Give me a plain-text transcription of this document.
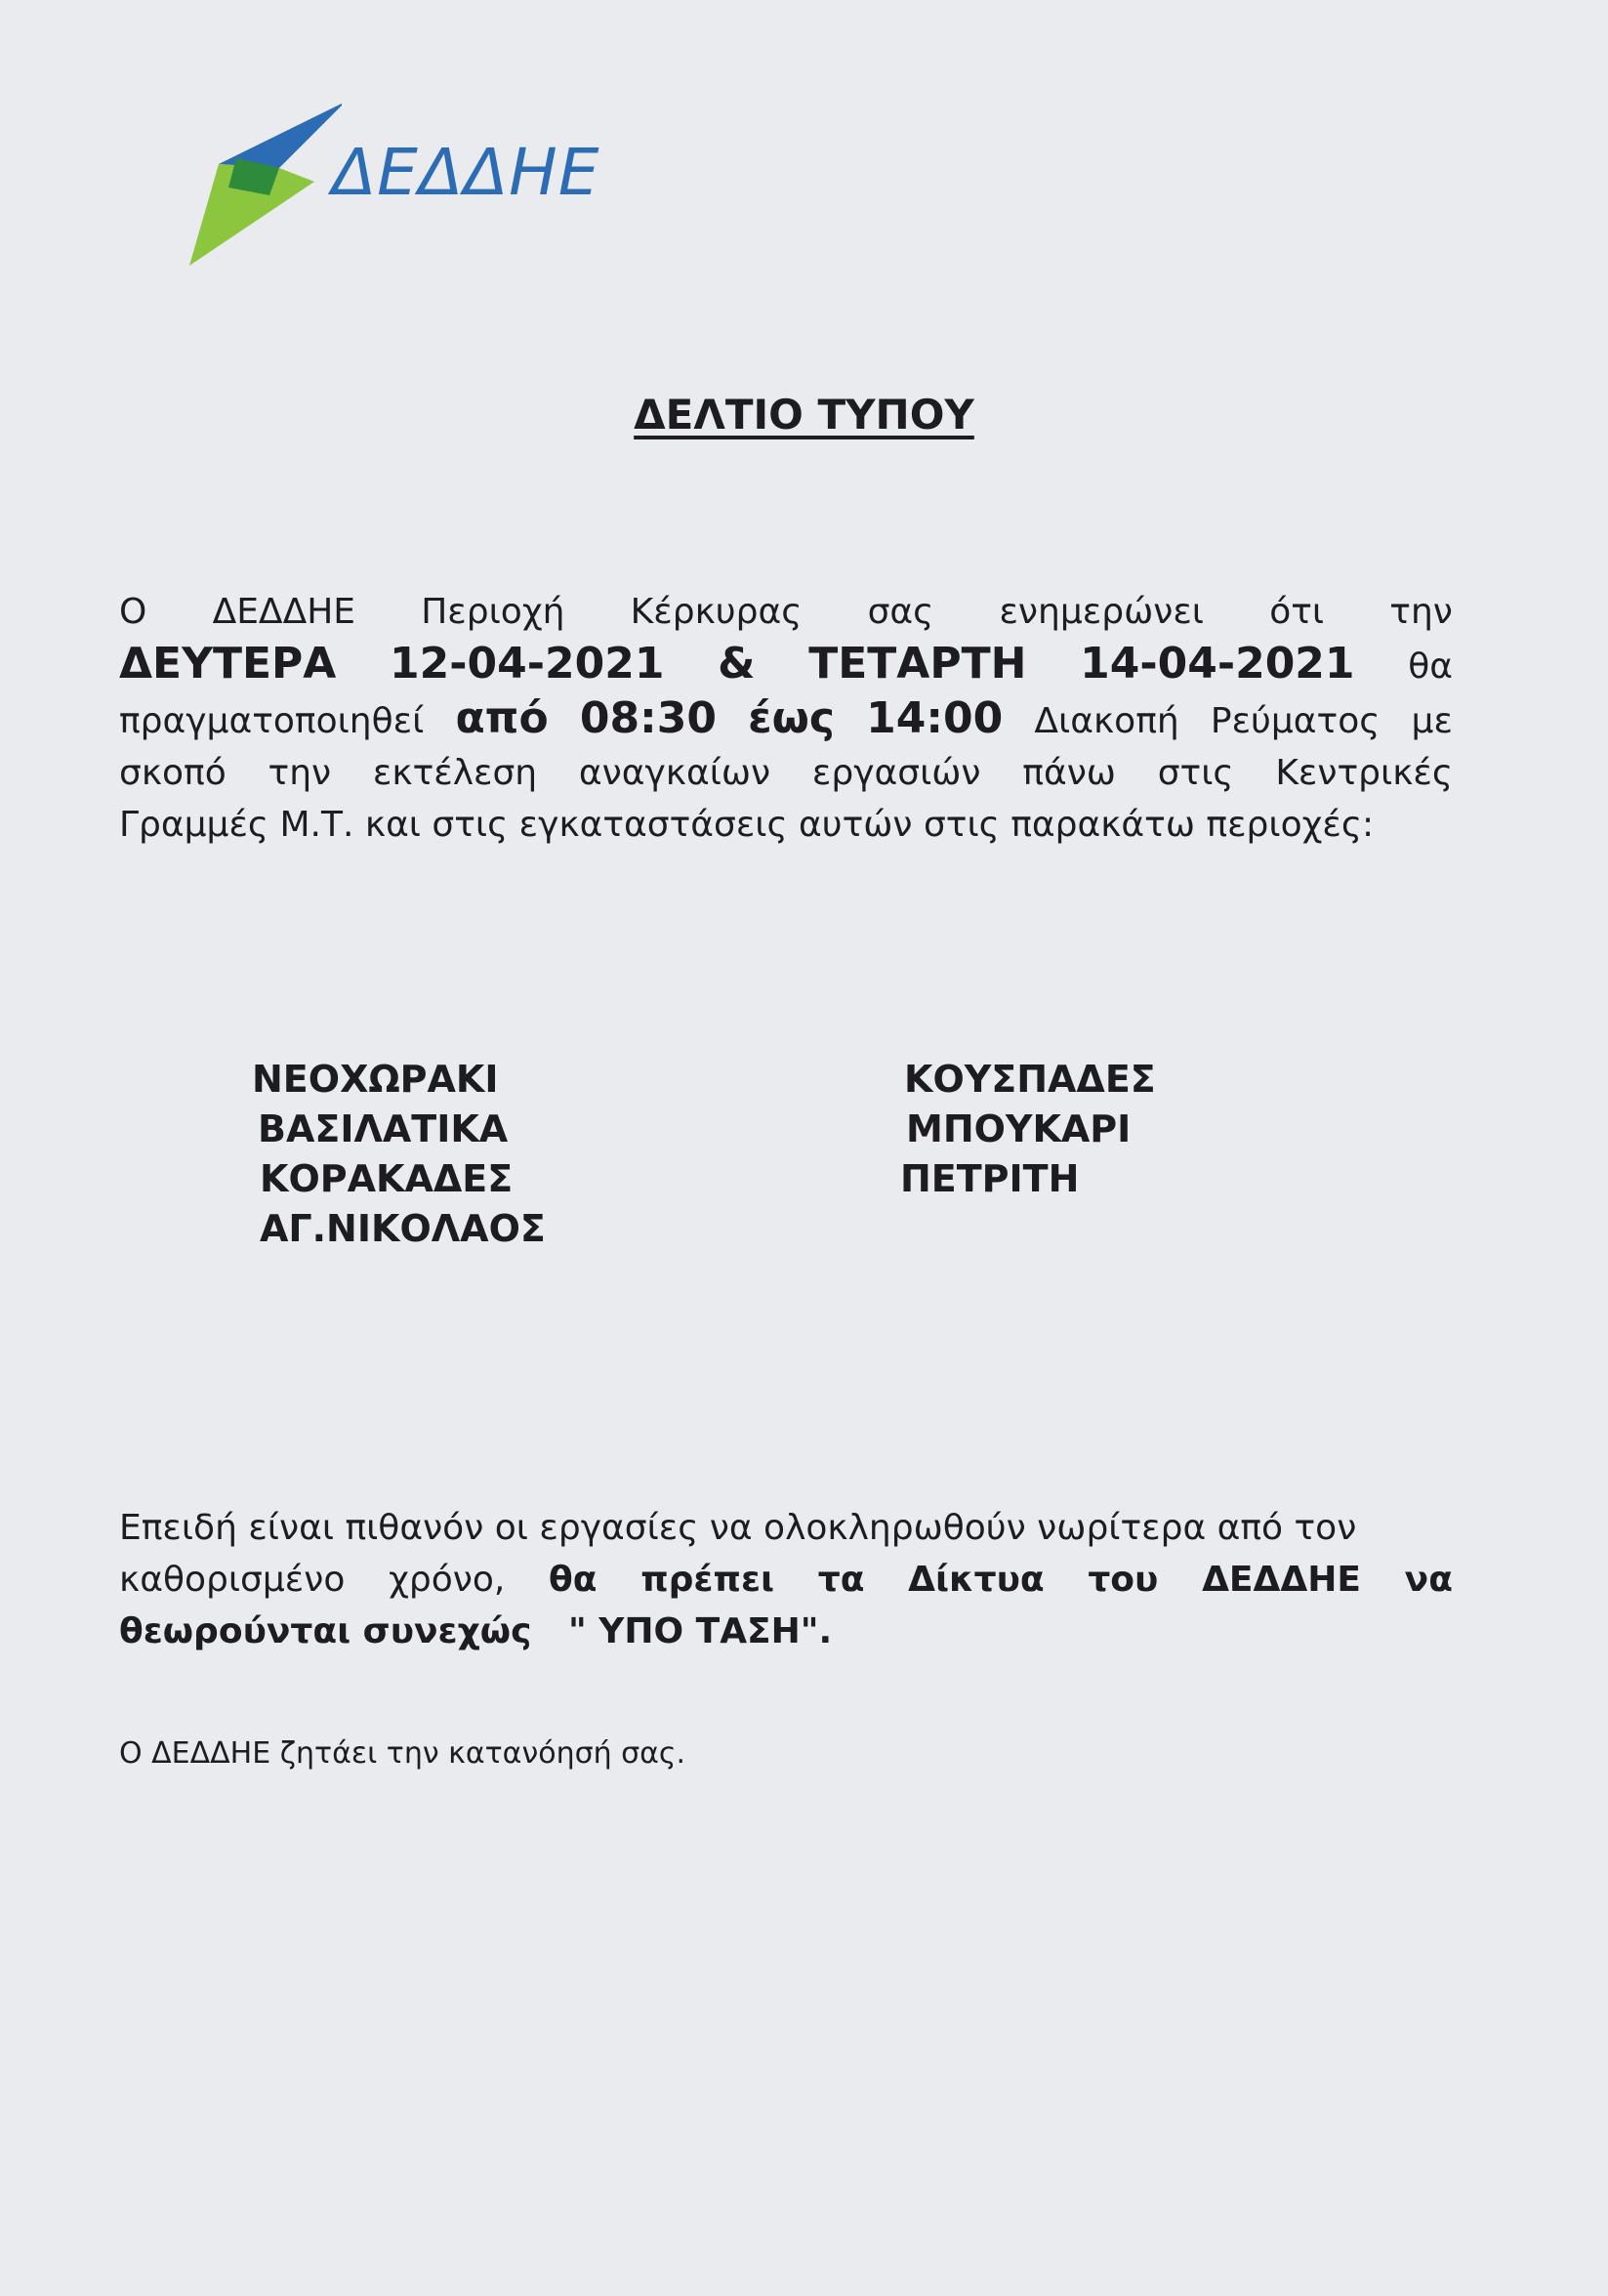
ΔΕΔΔΗΕ
ΔΕΛΤΙΟ ΤΥΠΟΥ
Ο ΔΕΔΔΗΕ Περιοχή Κέρκυρας σας ενημερώνει ότι την
ΔΕΥΤΕΡΑ 12-04-2021 & ΤΕΤΑΡΤΗ 14-04-2021 θα
πραγματοποιηθεί από 08:30 έως 14:00 Διακοπή Ρεύματος με
σκοπό την εκτέλεση αναγκαίων εργασιών πάνω στις Κεντρικές
Γραμμές Μ.Τ. και στις εγκαταστάσεις αυτών στις παρακάτω περιοχές:
ΝΕΟΧΩΡΑΚΙ
ΒΑΣΙΛΑΤΙΚΑ
ΚΟΡΑΚΑΔΕΣ
ΑΓ.ΝΙΚΟΛΑΟΣ
ΚΟΥΣΠΑΔΕΣ
ΜΠΟΥΚΑΡΙ
ΠΕΤΡΙΤΗ
Επειδή είναι πιθανόν οι εργασίες να ολοκληρωθούν νωρίτερα από τον
καθορισμένο χρόνο, θα πρέπει τα Δίκτυα του ΔΕΔΔΗΕ να
θεωρούνται συνεχώς   " ΥΠΟ ΤΑΣΗ".
Ο ΔΕΔΔΗΕ ζητάει την κατανόησή σας.
